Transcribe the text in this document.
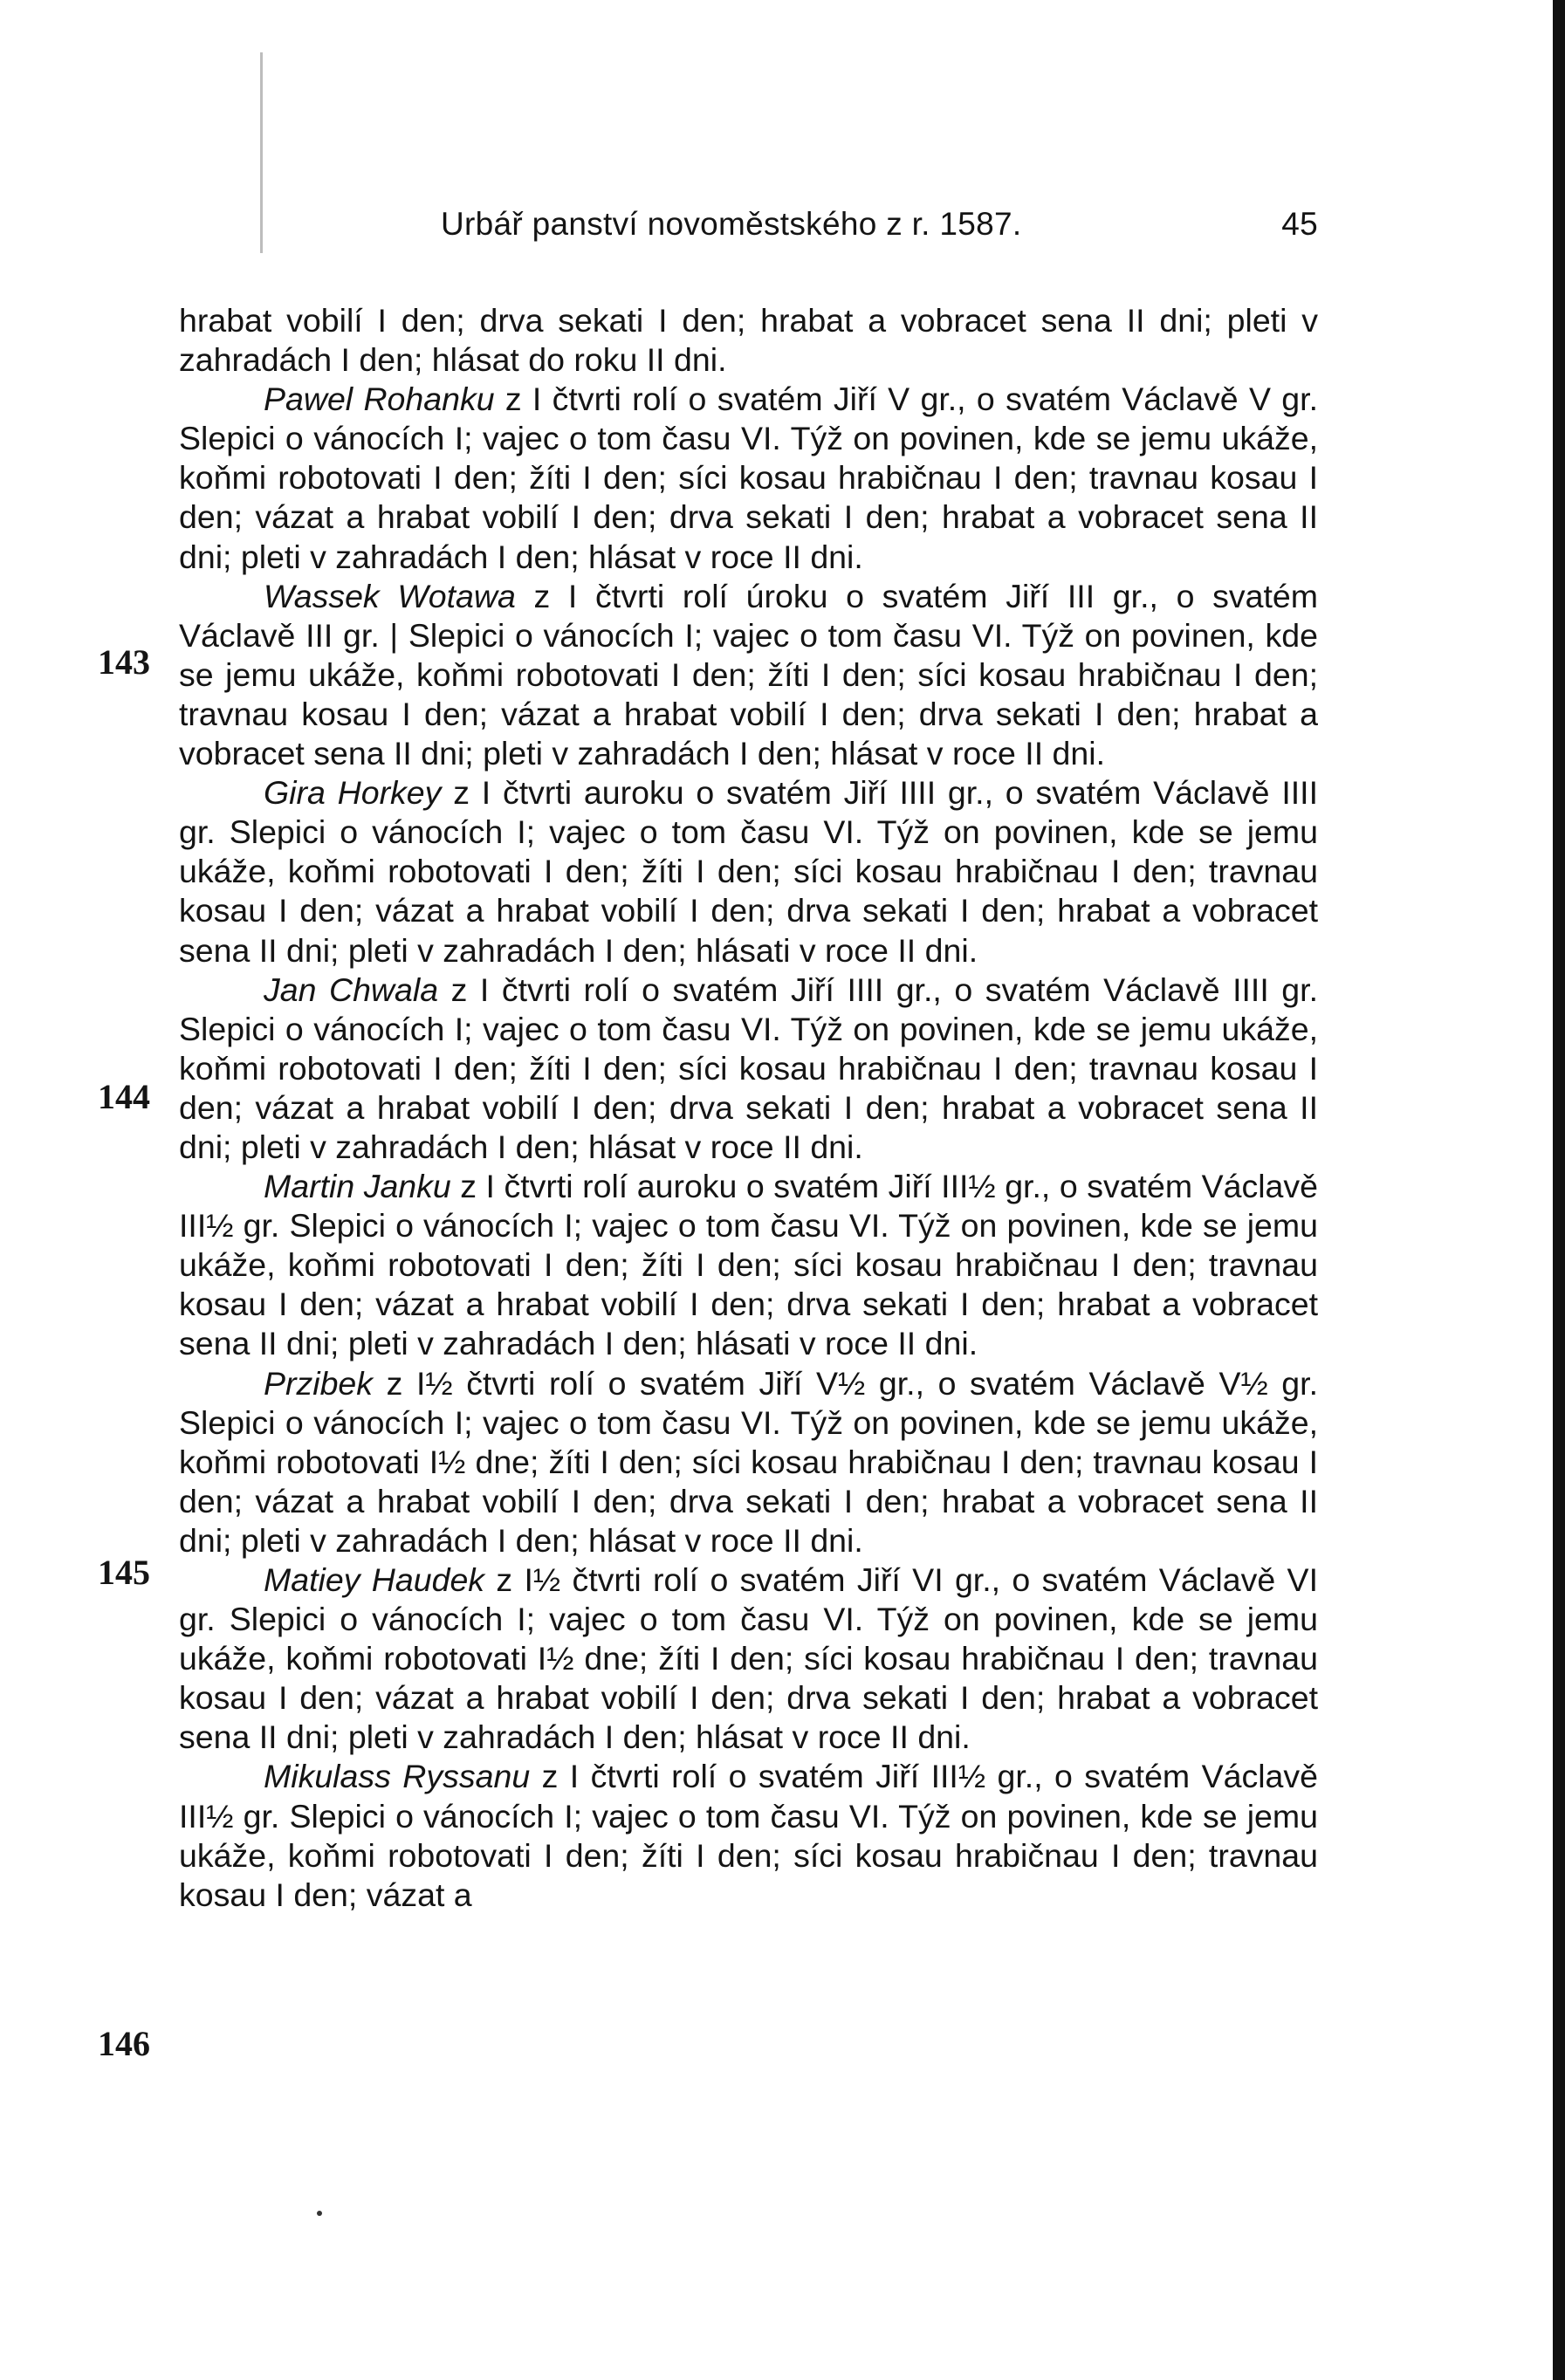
Urbář panství novoměstského z r. 1587.	45
143
144
145
146

hrabat vobilí I den; drva sekati I den; hrabat a vobracet sena II dni; pleti v zahradách I den; hlásat do roku II dni.

Pawel Rohanku z I čtvrti rolí o svatém Jiří V gr., o svatém Václavě V gr. Slepici o vánocích I; vajec o tom času VI. Týž on povinen, kde se jemu ukáže, koňmi robotovati I den; žíti I den; síci kosau hrabičnau I den; travnau kosau I den; vázat a hrabat vobilí I den; drva sekati I den; hrabat a vobracet sena II dni; pleti v zahradách I den; hlásat v roce II dni.

Wassek Wotawa z I čtvrti rolí úroku o svatém Jiří III gr., o svatém Václavě III gr. | Slepici o vánocích I; vajec o tom času VI. Týž on povinen, kde se jemu ukáže, koňmi robotovati I den; žíti I den; síci kosau hrabičnau I den; travnau kosau I den; vázat a hrabat vobilí I den; drva sekati I den; hrabat a vobracet sena II dni; pleti v zahradách I den; hlásat v roce II dni.

Gira Horkey z I čtvrti auroku o svatém Jiří IIII gr., o svatém Václavě IIII gr. Slepici o vánocích I; vajec o tom času VI. Týž on povinen, kde se jemu ukáže, koňmi robotovati I den; žíti I den; síci kosau hrabičnau I den; travnau kosau I den; vázat a hrabat vobilí I den; drva sekati I den; hrabat a vobracet sena II dni; pleti v zahradách I den; hlásati v roce II dni.

Jan Chwala z I čtvrti rolí o svatém Jiří IIII gr., o svatém Václavě IIII gr. Slepici o vánocích I; vajec o tom času VI. Týž on povinen, kde se jemu ukáže, koňmi robotovati I den; žíti I den; síci kosau hrabičnau I den; travnau kosau I den; vázat a hrabat vobilí I den; drva sekati I den; hrabat a vobracet sena II dni; pleti v zahradách I den; hlásat v roce II dni.

Martin Janku z I čtvrti rolí auroku o svatém Jiří III½ gr., o svatém Václavě III½ gr. Slepici o vánocích I; vajec o tom času VI. Týž on povinen, kde se jemu ukáže, koňmi robotovati I den; žíti I den; síci kosau hrabičnau I den; travnau kosau I den; vázat a hrabat vobilí I den; drva sekati I den; hrabat a vobracet sena II dni; pleti v zahradách I den; hlásati v roce II dni.

Przibek z I½ čtvrti rolí o svatém Jiří V½ gr., o svatém Václavě V½ gr. Slepici o vánocích I; vajec o tom času VI. Týž on povinen, kde se jemu ukáže, koňmi robotovati I½ dne; žíti I den; síci kosau hrabičnau I den; travnau kosau I den; vázat a hrabat vobilí I den; drva sekati I den; hrabat a vobracet sena II dni; pleti v zahradách I den; hlásat v roce II dni.

Matiey Haudek z I½ čtvrti rolí o svatém Jiří VI gr., o svatém Václavě VI gr. Slepici o vánocích I; vajec o tom času VI. Týž on povinen, kde se jemu ukáže, koňmi robotovati I½ dne; žíti I den; síci kosau hrabičnau I den; travnau kosau I den; vázat a hrabat vobilí I den; drva sekati I den; hrabat a vobracet sena II dni; pleti v zahradách I den; hlásat v roce II dni.

Mikulass Ryssanu z I čtvrti rolí o svatém Jiří III½ gr., o svatém Václavě III½ gr. Slepici o vánocích I; vajec o tom času VI. Týž on povinen, kde se jemu ukáže, koňmi robotovati I den; žíti I den; síci kosau hrabičnau I den; travnau kosau I den; vázat a
